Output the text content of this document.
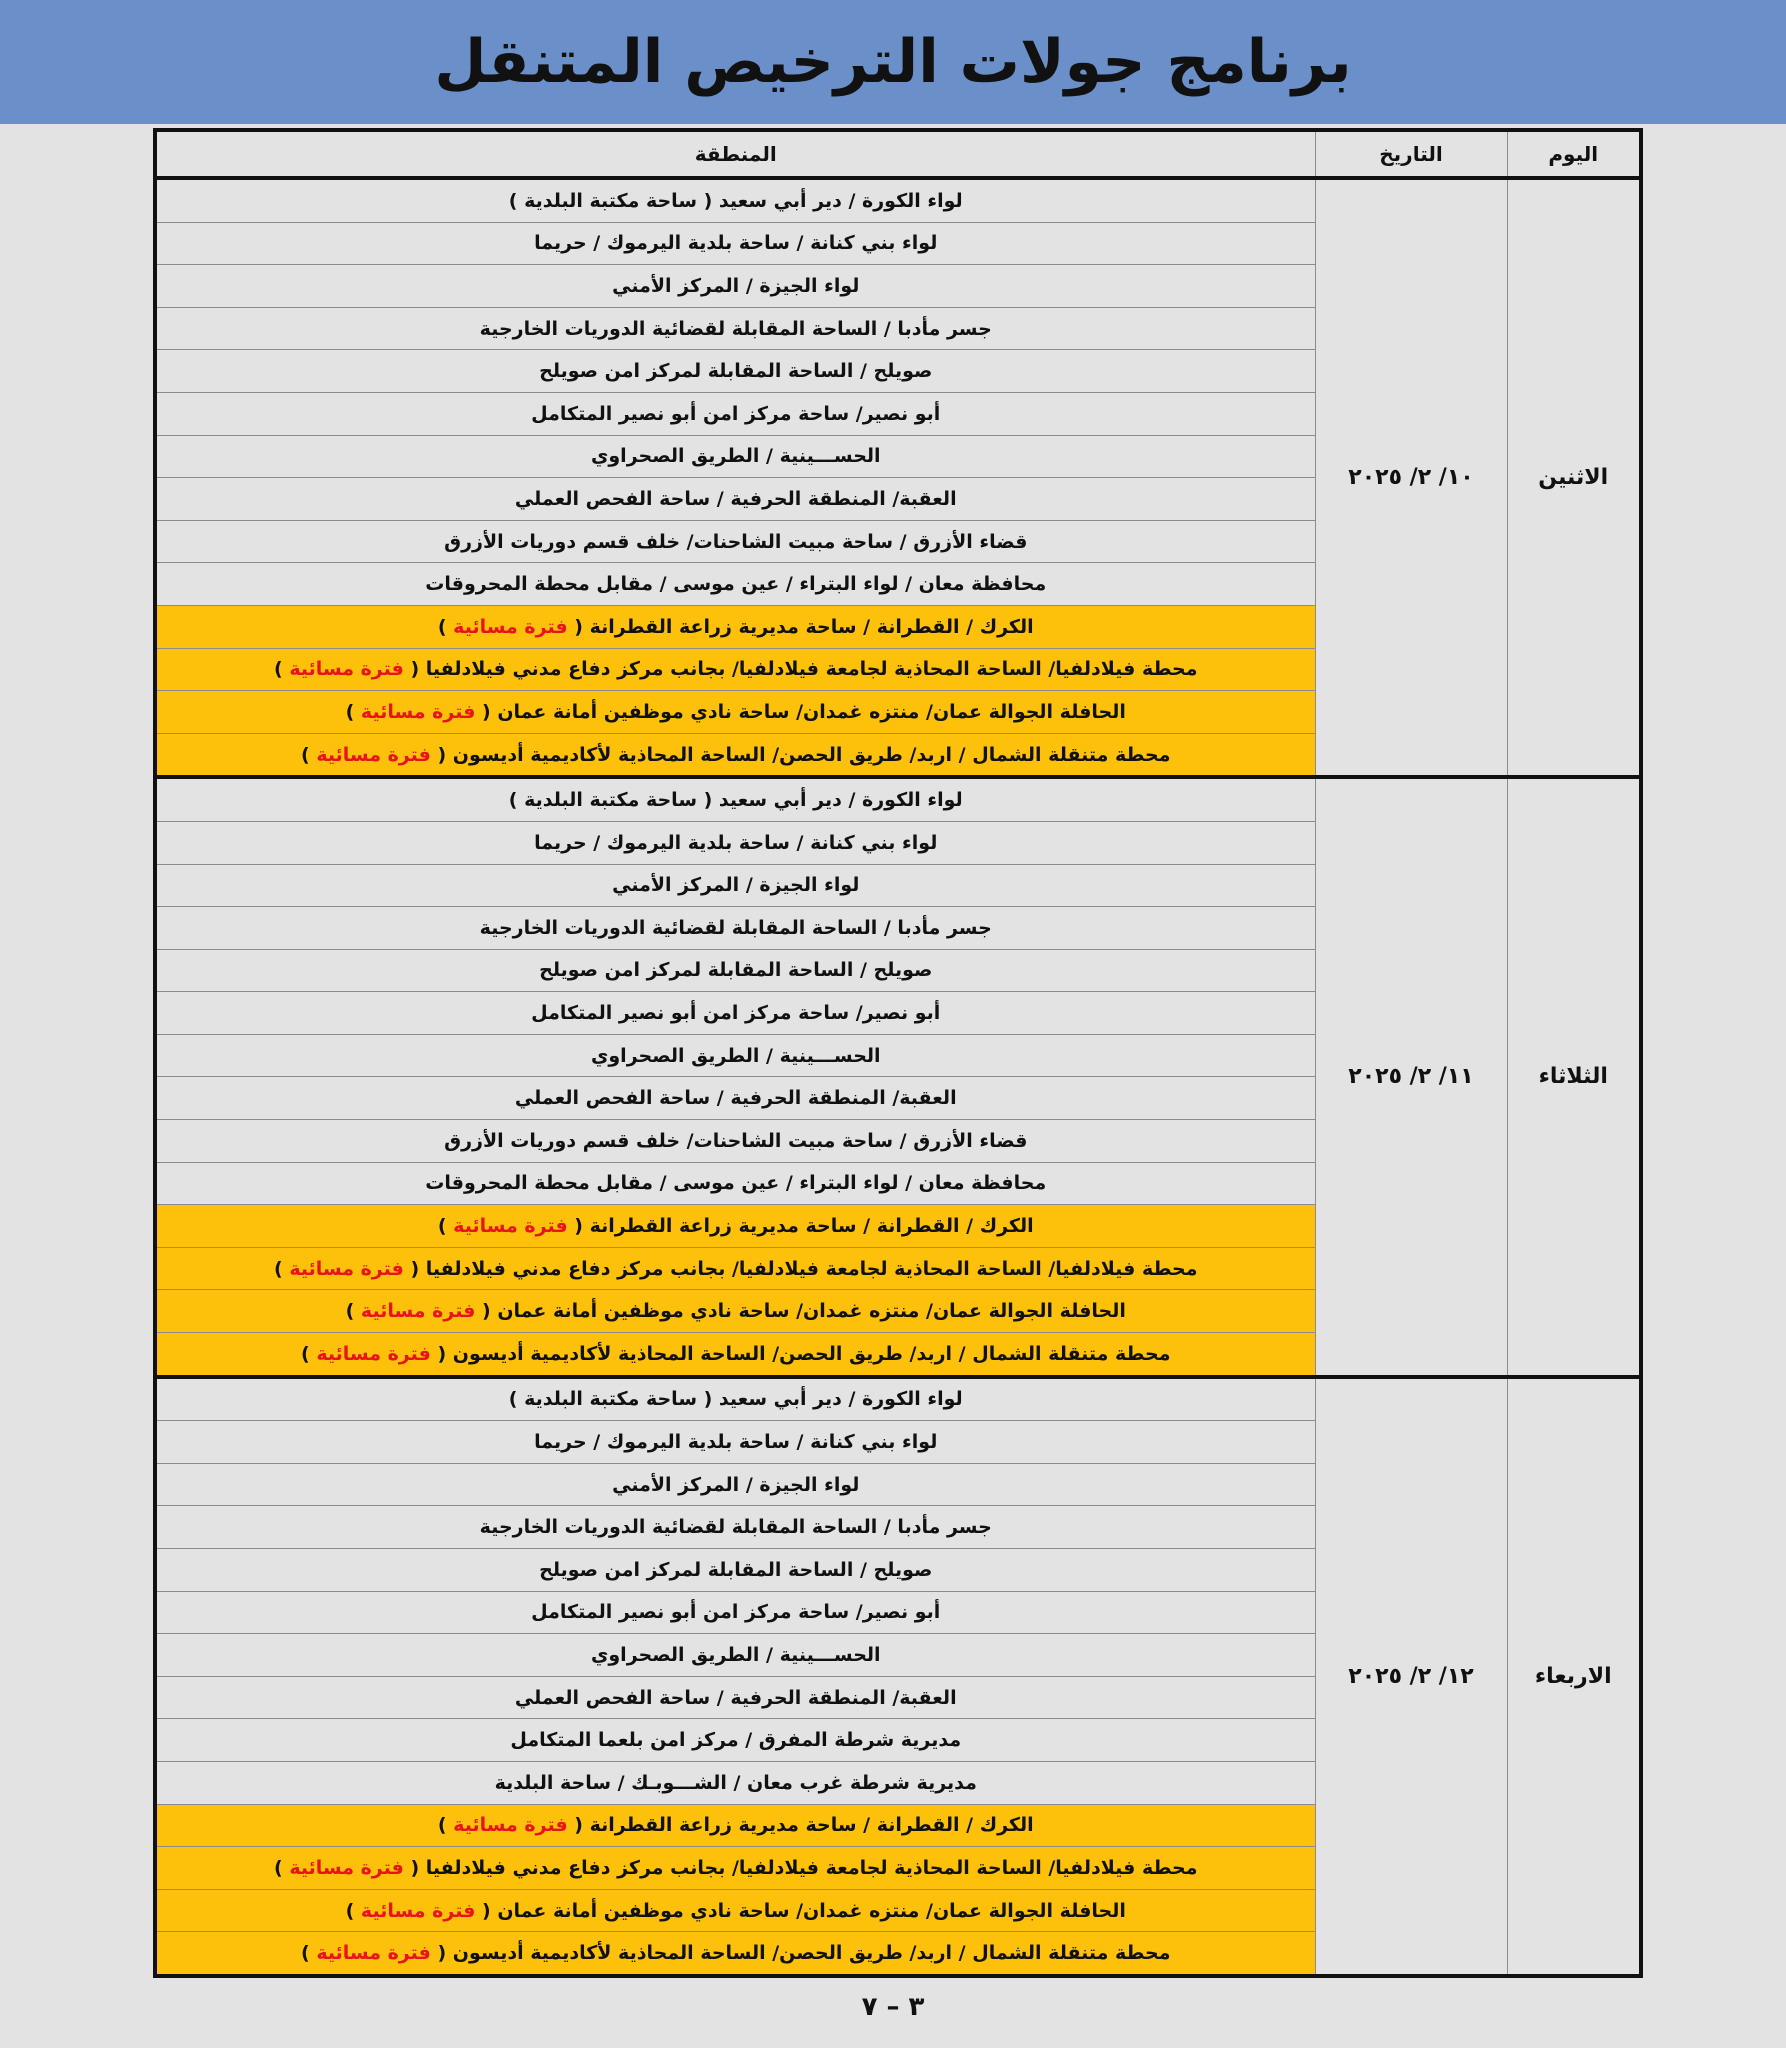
برنامج جولات الترخيص المتنقل
اليوم	التاريخ	المنطقة
الاثنين	١٠/ ٢/ ٢٠٢٥	لواء الكورة / دير أبي سعيد ( ساحة مكتبة البلدية )
		لواء بني كنانة / ساحة بلدية اليرموك / حريما
		لواء الجيزة / المركز الأمني
		جسر مأدبا / الساحة المقابلة لقضائية الدوريات الخارجية
		صويلح / الساحة المقابلة لمركز امن صويلح
		أبو نصير/ ساحة مركز امن أبو نصير المتكامل
		الحســـينية / الطريق الصحراوي
		العقبة/ المنطقة الحرفية / ساحة الفحص العملي
		قضاء الأزرق / ساحة مبيت الشاحنات/ خلف قسم دوريات الأزرق
		محافظة معان / لواء البتراء / عين موسى / مقابل محطة المحروقات
		الكرك / القطرانة / ساحة مديرية زراعة القطرانة ( فترة مسائية )
		محطة فيلادلفيا/ الساحة المحاذية لجامعة فيلادلفيا/ بجانب مركز دفاع مدني فيلادلفيا ( فترة مسائية )
		الحافلة الجوالة عمان/ منتزه غمدان/ ساحة نادي موظفين أمانة عمان ( فترة مسائية )
		محطة متنقلة الشمال / اربد/ طريق الحصن/ الساحة المحاذية لأكاديمية أديسون ( فترة مسائية )
الثلاثاء	١١/ ٢/ ٢٠٢٥	لواء الكورة / دير أبي سعيد ( ساحة مكتبة البلدية )
		لواء بني كنانة / ساحة بلدية اليرموك / حريما
		لواء الجيزة / المركز الأمني
		جسر مأدبا / الساحة المقابلة لقضائية الدوريات الخارجية
		صويلح / الساحة المقابلة لمركز امن صويلح
		أبو نصير/ ساحة مركز امن أبو نصير المتكامل
		الحســـينية / الطريق الصحراوي
		العقبة/ المنطقة الحرفية / ساحة الفحص العملي
		قضاء الأزرق / ساحة مبيت الشاحنات/ خلف قسم دوريات الأزرق
		محافظة معان / لواء البتراء / عين موسى / مقابل محطة المحروقات
		الكرك / القطرانة / ساحة مديرية زراعة القطرانة ( فترة مسائية )
		محطة فيلادلفيا/ الساحة المحاذية لجامعة فيلادلفيا/ بجانب مركز دفاع مدني فيلادلفيا ( فترة مسائية )
		الحافلة الجوالة عمان/ منتزه غمدان/ ساحة نادي موظفين أمانة عمان ( فترة مسائية )
		محطة متنقلة الشمال / اربد/ طريق الحصن/ الساحة المحاذية لأكاديمية أديسون ( فترة مسائية )
الاربعاء	١٢/ ٢/ ٢٠٢٥	لواء الكورة / دير أبي سعيد ( ساحة مكتبة البلدية )
		لواء بني كنانة / ساحة بلدية اليرموك / حريما
		لواء الجيزة / المركز الأمني
		جسر مأدبا / الساحة المقابلة لقضائية الدوريات الخارجية
		صويلح / الساحة المقابلة لمركز امن صويلح
		أبو نصير/ ساحة مركز امن أبو نصير المتكامل
		الحســـينية / الطريق الصحراوي
		العقبة/ المنطقة الحرفية / ساحة الفحص العملي
		مديرية شرطة المفرق / مركز امن بلعما المتكامل
		مديرية شرطة غرب معان / الشـــوبـك / ساحة البلدية
		الكرك / القطرانة / ساحة مديرية زراعة القطرانة ( فترة مسائية )
		محطة فيلادلفيا/ الساحة المحاذية لجامعة فيلادلفيا/ بجانب مركز دفاع مدني فيلادلفيا ( فترة مسائية )
		الحافلة الجوالة عمان/ منتزه غمدان/ ساحة نادي موظفين أمانة عمان ( فترة مسائية )
		محطة متنقلة الشمال / اربد/ طريق الحصن/ الساحة المحاذية لأكاديمية أديسون ( فترة مسائية )
٣ – ٧
